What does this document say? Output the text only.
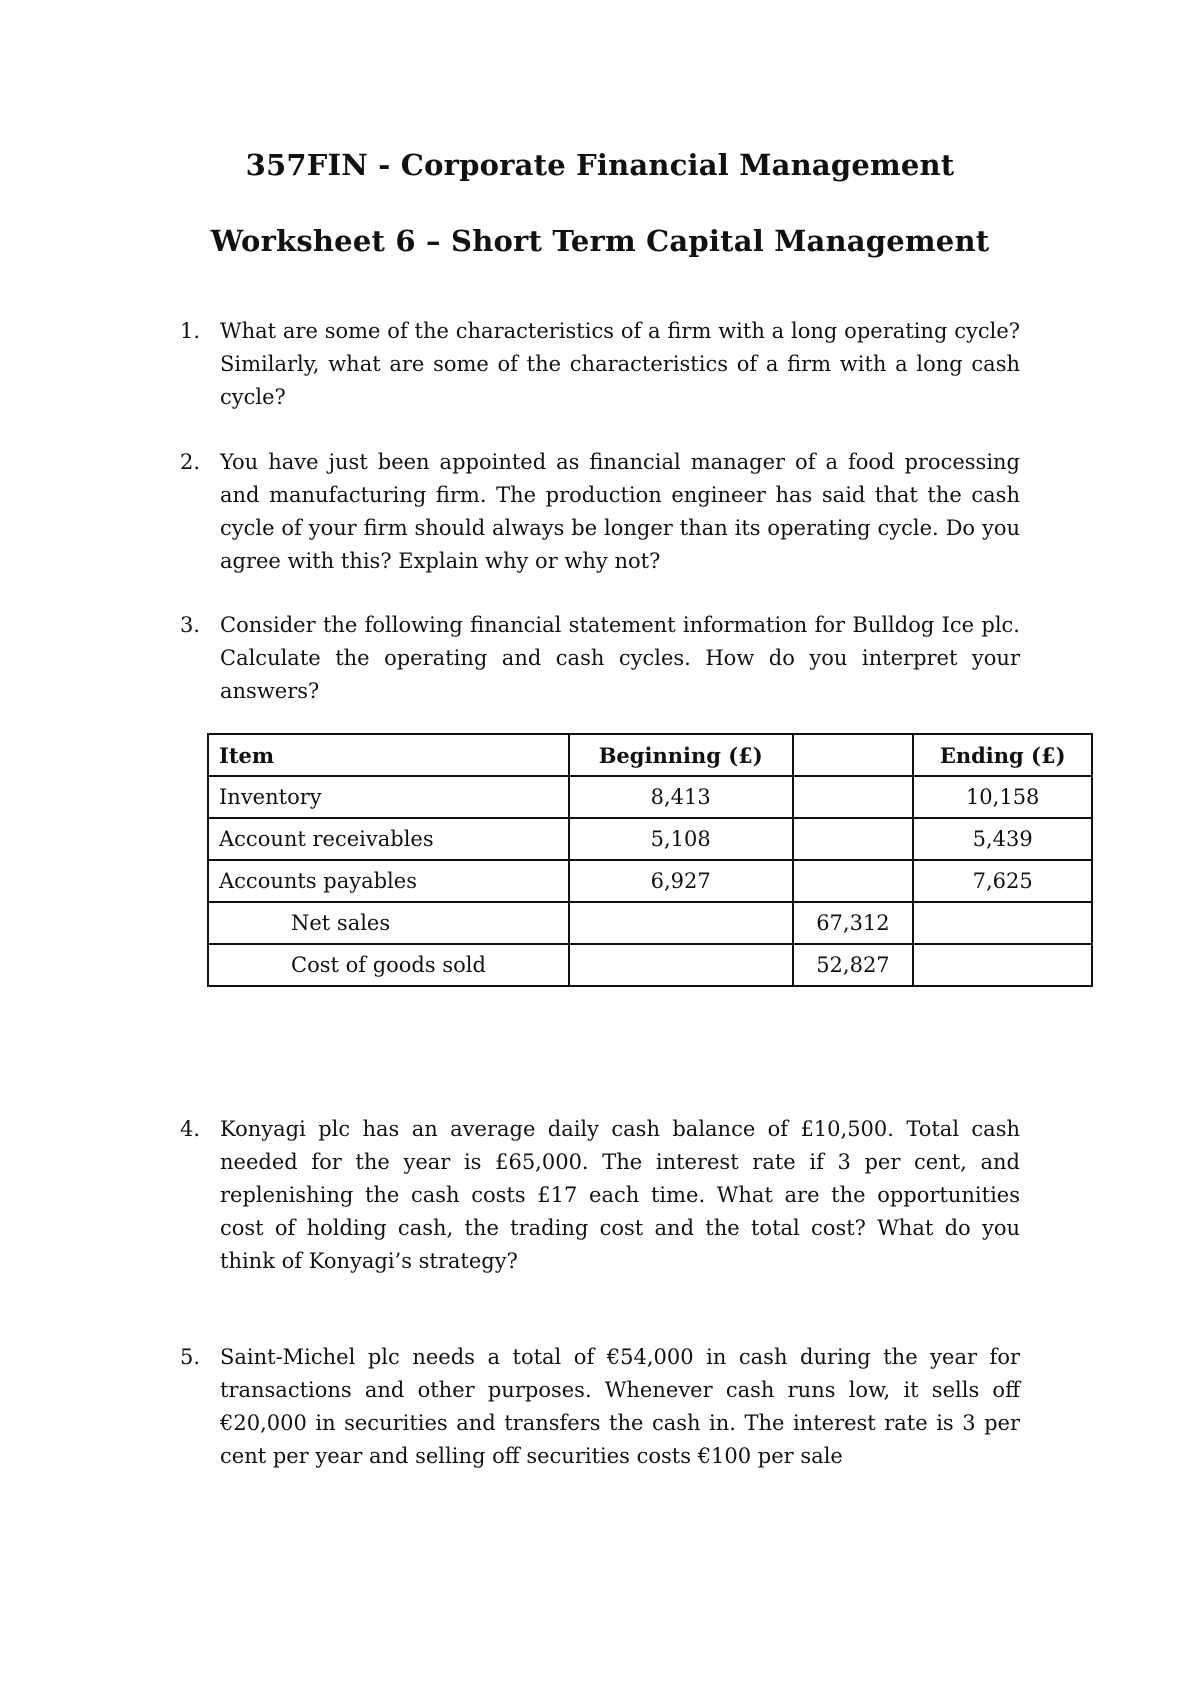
357FIN - Corporate Financial Management
Worksheet 6 – Short Term Capital Management
1. What are some of the characteristics of a firm with a long operating cycle? Similarly, what are some of the characteristics of a firm with a long cash cycle?
2. You have just been appointed as financial manager of a food processing and manufacturing firm. The production engineer has said that the cash cycle of your firm should always be longer than its operating cycle. Do you agree with this? Explain why or why not?
3. Consider the following financial statement information for Bulldog Ice plc. Calculate the operating and cash cycles. How do you interpret your answers?
Item	Beginning (£)		Ending (£)
Inventory	8,413		10,158
Account receivables	5,108		5,439
Accounts payables	6,927		7,625
Net sales		67,312	
Cost of goods sold		52,827	
4. Konyagi plc has an average daily cash balance of £10,500. Total cash needed for the year is £65,000. The interest rate if 3 per cent, and replenishing the cash costs £17 each time. What are the opportunities cost of holding cash, the trading cost and the total cost? What do you think of Konyagi’s strategy?
5. Saint-Michel plc needs a total of €54,000 in cash during the year for transactions and other purposes. Whenever cash runs low, it sells off €20,000 in securities and transfers the cash in. The interest rate is 3 per cent per year and selling off securities costs €100 per sale
